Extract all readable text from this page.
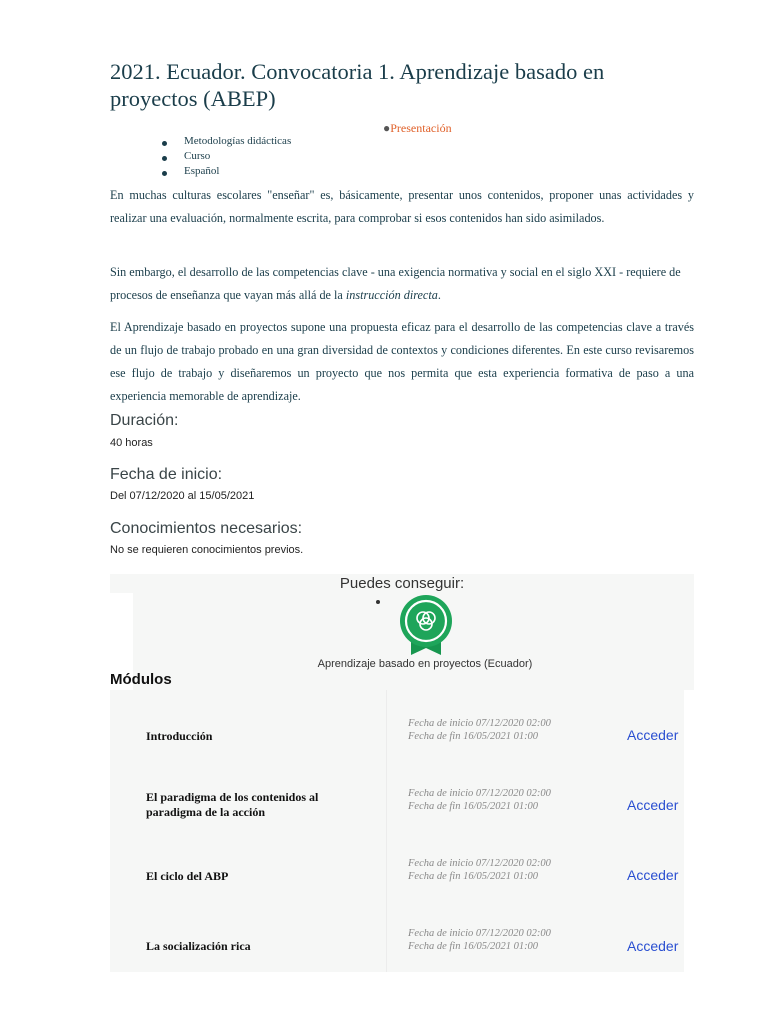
2021. Ecuador. Convocatoria 1. Aprendizaje basado en proyectos (ABEP)
●Presentación
Metodologías didácticas
Curso
Español

En muchas culturas escolares "enseñar" es, básicamente, presentar unos contenidos, proponer unas actividades y realizar una evaluación, normalmente escrita, para comprobar si esos contenidos han sido asimilados.

Sin embargo, el desarrollo de las competencias clave - una exigencia normativa y social en el siglo XXI - requiere de procesos de enseñanza que vayan más allá de la instrucción directa.

El Aprendizaje basado en proyectos supone una propuesta eficaz para el desarrollo de las competencias clave a través de un flujo de trabajo probado en una gran diversidad de contextos y condiciones diferentes. En este curso revisaremos ese flujo de trabajo y diseñaremos un proyecto que nos permita que esta experiencia formativa de paso a una experiencia memorable de aprendizaje.

Duración:

40 horas

Fecha de inicio:

Del 07/12/2020 al 15/05/2021

Conocimientos necesarios:

No se requieren conocimientos previos.

Puedes conseguir:
Aprendizaje basado en proyectos (Ecuador)
Módulos
Introducción
Fecha de inicio 07/12/2020 02:00 Fecha de fin 16/05/2021 01:00	Acceder
El paradigma de los contenidos al paradigma de la acción
Fecha de inicio 07/12/2020 02:00 Fecha de fin 16/05/2021 01:00	Acceder
El ciclo del ABP
Fecha de inicio 07/12/2020 02:00 Fecha de fin 16/05/2021 01:00	Acceder
La socialización rica
Fecha de inicio 07/12/2020 02:00 Fecha de fin 16/05/2021 01:00	Acceder
